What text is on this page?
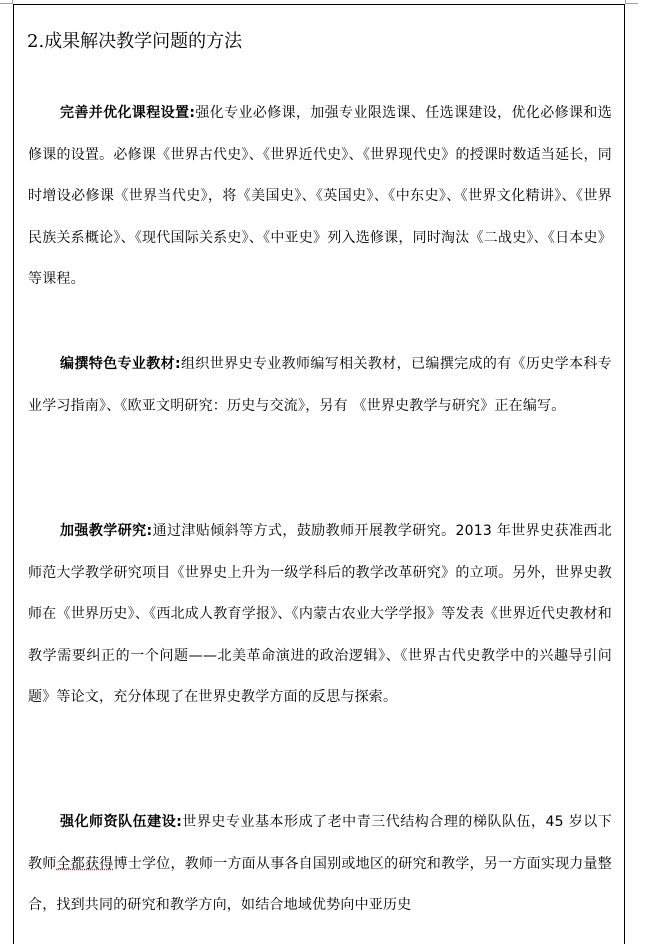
2.成果解决教学问题的方法
完善并优化课程设置:强化专业必修课，加强专业限选课、任选课建设，优化必修课和选修课的设置。必修课《世界古代史》、《世界近代史》、《世界现代史》的授课时数适当延长，同时增设必修课《世界当代史》，将《美国史》、《英国史》、《中东史》、《世界文化精讲》、《世界民族关系概论》、《现代国际关系史》、《中亚史》列入选修课，同时淘汰《二战史》、《日本史》等课程。
编撰特色专业教材:组织世界史专业教师编写相关教材，已编撰完成的有《历史学本科专业学习指南》、《欧亚文明研究：历史与交流》，另有 《世界史教学与研究》正在编写。
加强教学研究:通过津贴倾斜等方式，鼓励教师开展教学研究。2013 年世界史获准西北师范大学教学研究项目《世界史上升为一级学科后的教学改革研究》的立项。另外，世界史教师在《世界历史》、《西北成人教育学报》、《内蒙古农业大学学报》等发表《世界近代史教材和教学需要纠正的一个问题——北美革命演进的政治逻辑》、《世界古代史教学中的兴趣导引问题》等论文，充分体现了在世界史教学方面的反思与探索。
强化师资队伍建设:世界史专业基本形成了老中青三代结构合理的梯队队伍，45 岁以下教师全都获得博士学位，教师一方面从事各自国别或地区的研究和教学，另一方面实现力量整合，找到共同的研究和教学方向，如结合地域优势向中亚历史
